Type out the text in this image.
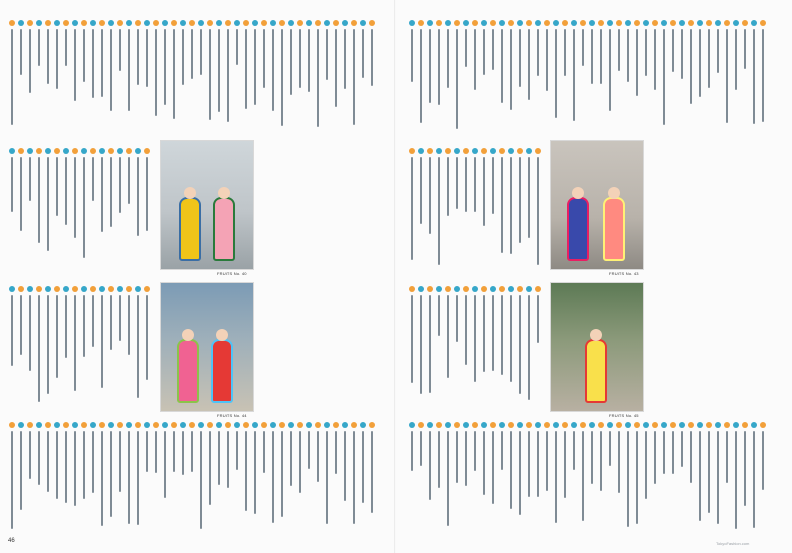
FRUiTS No. 40
FRUiTS No. 44
46
FRUiTS No. 43
FRUiTS No. 45
TokyoFashion.com
